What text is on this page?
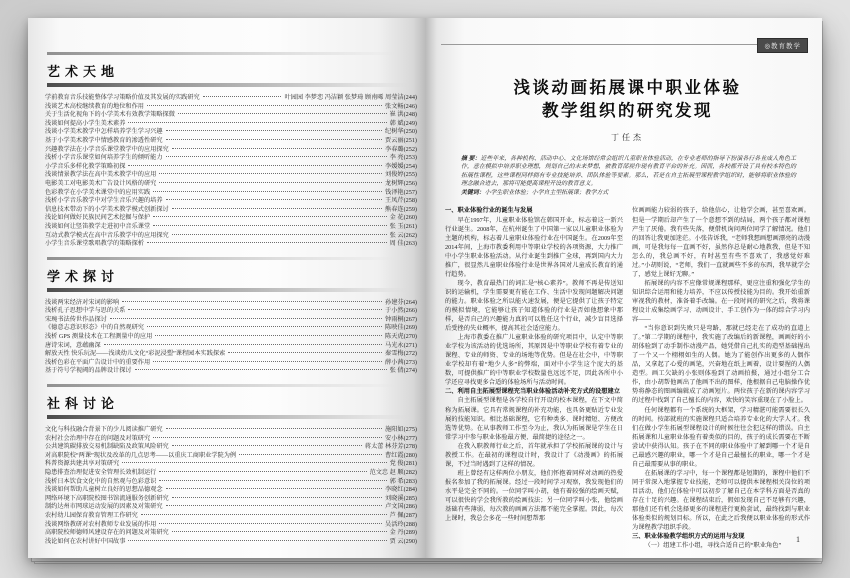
艺术天地
学前教育音乐技能整体学习策略价值及其发展的实践研究	叶园园 李梦恋 冯洁颖 张梦琦 顾南晞 周莹洁(244)
浅谈艺术高校继续教育的地位和作用	张文畅(246)
关于生活化视角下的小学美术有效教学策略探微	崔 洪(248)
浅谈如何提高小学生美术素养	韩 斌(249)
浅谈小学美术教学中怎样培养学生学习兴趣	纪树华(250)
基于小学美术教学中情感教育的渗透性研究	贾云丽(251)
兴趣教学法在小学音乐课堂教学中的应用探究	李春璐(252)
浅析小学音乐课堂如何培养学生的倾听能力	李 亮(253)
小学音乐多样化教学策略初探	李媛媛(254)
浅谈情景教学法在高中美术教学中的应用	刘俊婷(255)
电影美工对电影美术广告设计风格的研究	龙树辉(256)
色彩教学在小学美术课堂中的应用实践	钱泽艳(257)
浅析小学音乐教学中对学生音乐兴趣的培养	王凤芹(258)
信息技术带动下的小学美术教学模式创新探讨	熊春连(259)
浅论如何做好民族民间艺术挖掘与保护	金 花(260)
浅谈如何让竖笛教学走进初中音乐课堂	张 玉(261)
互动式教学模式在高中音乐教学中的应用探究	张 云(262)
小学生音乐课堂歌唱教学的策略探析	周 佳(263)
学术探讨
浅谈两宋经济对宋词的影响	孙建芬(264)
浅析孔子思想中学与思的关系	于小然(266)
宋琬书法传世作品探讨	钟雨桐(267)
《德意志意识形态》中的自然观研究	陈映佳(269)
浅析 GPS 测量技术在工程测量中的应用	陈天虎(270)
唐诗宋词，意蕴幽深	马光永(271)
解放天性 快乐玩泥——浅谈幼儿文化“彩泥浸塑”课程园本实践探索	秦雪梅(272)
浅析色彩在平面广告设计中的重要作用	薛小茜(273)
基于符号学视阈的品牌设计探讨	张 倩(274)
社科讨论
文化与科技融合背景下的少儿阅读推广研究	施阳如(275)
农村社会治理中存在的问题及对策研究	安小林(277)
公共建筑碳排放交易机制缺陷及政策风险研究	蒋太蕾 林芬芳(278)
对高职院校“两课”现状及改革的几点思考——以重庆工商职业学院为例	曹红霞(280)
科普资源共建共享对策研究	党 俊(281)
隐患排查治理促进安全管理长效机制运行	范文忠 赵 顺(282)
浅析日本饮食文化中的自然观与色彩意识	郭 希(283)
浅谈如何帮助儿童树立良好的思想品德观念	李晓红(284)
网络环境下高职院校图书馆流通服务创新研究	刘晓溪(285)
制约达州市网球运动发展的因素及对策研究	卢文国(286)
农村幼儿园保育教育管理工作研究	芦 佩(287)
浅谈网络教研对农村教师专业发展的作用	吴活玲(288)
高职院校师德师风建设存在的问题及对策研究	金 丹(289)
浅论如何在农村讲好中国故事	贾 云(290)
◎教育教学
浅谈动画拓展课中职业体验
教学组织的研究发现
丁任杰

摘 要：近些年来，各种机构、活动中心、文化场馆经常会组织儿童职业体验活动，在专业老师的指导下扮演各行各业成人角色工作，意在模拟中培养职业理想，规划自己的未来梦想，被教育部视作现有教育平台的补充。因而，各校都开设了具有校本特色的拓展性课程，这些课程同样拥有专业技能培养、团队体验等要素。那么，若是在自主拓展型课程教学组织时，能够将职业体验的理念融合进去，那将可能提高课程开设的教育意义。

关键词：小学生职业体验；小学自主型拓展课；教学方式

一、职业体验行业的诞生与发展

早在1997年，儿童职业体验馆在韩国开业，标志着这一新兴行业诞生。2008年，在杭州诞生了中国第一家以儿童职业体验为主题的机构，标志着儿童职业体验行业在中国诞生。在2009年至2014年间，上海市教委利用中等职业学校的各项资源，大力推广中小学生职业体验活动。从行业诞生到推广全球，再到国内大力推广，很显然儿童职业体验行业是世界各国对儿童成长教育的通行趋势。

现今，教育最热门的词汇是“核心素养”。教师不再是传送知识的运输机，学生需要更有能在工作、生活中发现问题解决问题的能力。职业体验之所以能火速发展，便是它提供了让孩子特定的模拟情境，它能够让孩子知道体验的行业是否如他想象中那样，是否自己的兴趣能力真的可以胜任这个行业，减少盲目选择后受挫的失业概率，提高其社会适应能力。

上海市教委在推广儿童职业体验的研究项目中，认定中等职业学校为该活动的优选场所，其原因是中等职业学校有着专业的课程、专业的师资、专业的场地等优势。但是在社会中，中等职业学校却有着“地少人多”的弊端，面对中小学生这个庞大的基数，可提供推广的中等职业学校数量也远远不足，因此各所中小学还应寻找更多合适的体验场所与活动时间。

二、利用自主拓展型课程充当职业体验活动补充方式的设想建立

自主拓展型课程是各学校自行开设的校本课程，在下文中简称为拓展课。它具有常规课程的补充功能，也具备更贴近专业发展的技能知识。相比基础课程，它有种类多、课时精短、方便改选等优势。在从事教师工作至今为止，我认为拓展课是学生在日常学习中参与职业体验最方便、最简捷的途径之一。

在我入职教师行业之后，首年就承担了学校拓展课的设计与教授工作。在最初的课程设计时，我设计了《动漫画》的拓展课，不过当时遇到了这样的情况。

班上曾经有这样两位小朋友，他们怀抱着同样对动画的热爱报名参加了我的拓展课。经过一段时间学习观察，我发现他们的水平是完全不同的。一位同学叫小胡，她有着较强的绘画天赋，可以很快的学会我所教的绘画技法；另一位同学叫小张，他绘画基础有些薄弱，每次教的画画方法都不能完全掌握。因此，每次上课时，我总会多花一些时间想帮那

位画画能力较弱的孩子，给他信心，让他学会画，甚至喜欢画。但是一学期后却产生了一个意想不到的结局，两个孩子都对课程产生了厌倦。我有些失落，便借机询问两位同学了解情况。他们的回答让我更加迷茫。小张告诉我，“老师我想画想画漂亮的动漫画，可是我每每一直画不好，虽然你总是耐心地教我，但是不知怎么的，我总画不好，有时甚至有些不喜欢了，我感觉好难过。”小胡则说，“老师，我们一直就画些不多的东西，我早就学会了，感觉上课好无聊。”

拓展课的内容不应像常规课程那样，更应注重和强化学生的知识综合运用和能力培养，不应以传授技能为目的。我开始重新审视我的教材，准备着手改编。在一段时间的研究之后，我将课程设计成集绘画学习、动画设计、手工创作为一体的综合学习内容——

“当你意识到失败只是弯路，那就已经走在了成功的直道上了。”第二学期的课程中，我实施了改编后的新课程，画画好的小胡体验到了动手制作动漫产品，她凭借自己扎实的造型基础捏出了一个又一个栩栩如生的人偶。她为了能创作出更多的人偶作品，又拿起了心爱的画笔，兴奋地在纸上画着，设计要捏的人偶造型。画工欠缺的小张则体验到了动画拍摄，通过小组分工合作，由小胡帮他画出了他画不出的图样，他根据自己电脑操作优势将静态的图画编辑成了动画短片。两位孩子在新的课内容学习的过程中找到了自己擅长的内容，欢快的笑容重现在了小脸上。

任何课程都有一个系统的大框架，学习精湛可能需要很长久的时间。按部就班的实施课程只适合培养专业化的大学人才。我们在做小学生拓展型课程设计的时候往往会犯这样的错误。自主拓展课和儿童职业体验有着类似的目的，孩子的成长需要在不断尝试中获得认知。孩子在不同的职业体验中了解到哪一个才是自己最感兴趣的职业，哪一个才是自己最擅长的职业，哪一个才是自己最需要从事的职业。

在拓展课的学习中，每一个课程都是短期的，课程中他们不同于常深入地掌握专业技能，老师可以提供本课程相关岗位的项目活动，他们在体验中可以初步了解自己在本学科方面是否真的存在十足的兴趣。在课程结束后，假如发现自己不足够有兴趣，那他们还有机会选择更多的课程进行更换尝试，最终找到与职业体验类似的规划目标。所以，在此之后我便以职业体验的形式作为课程教学组织手段。

三、职业体验教学组织方式的运用与发现

（一）组建工作小组，寻找合适自己的“职业角色”

1
